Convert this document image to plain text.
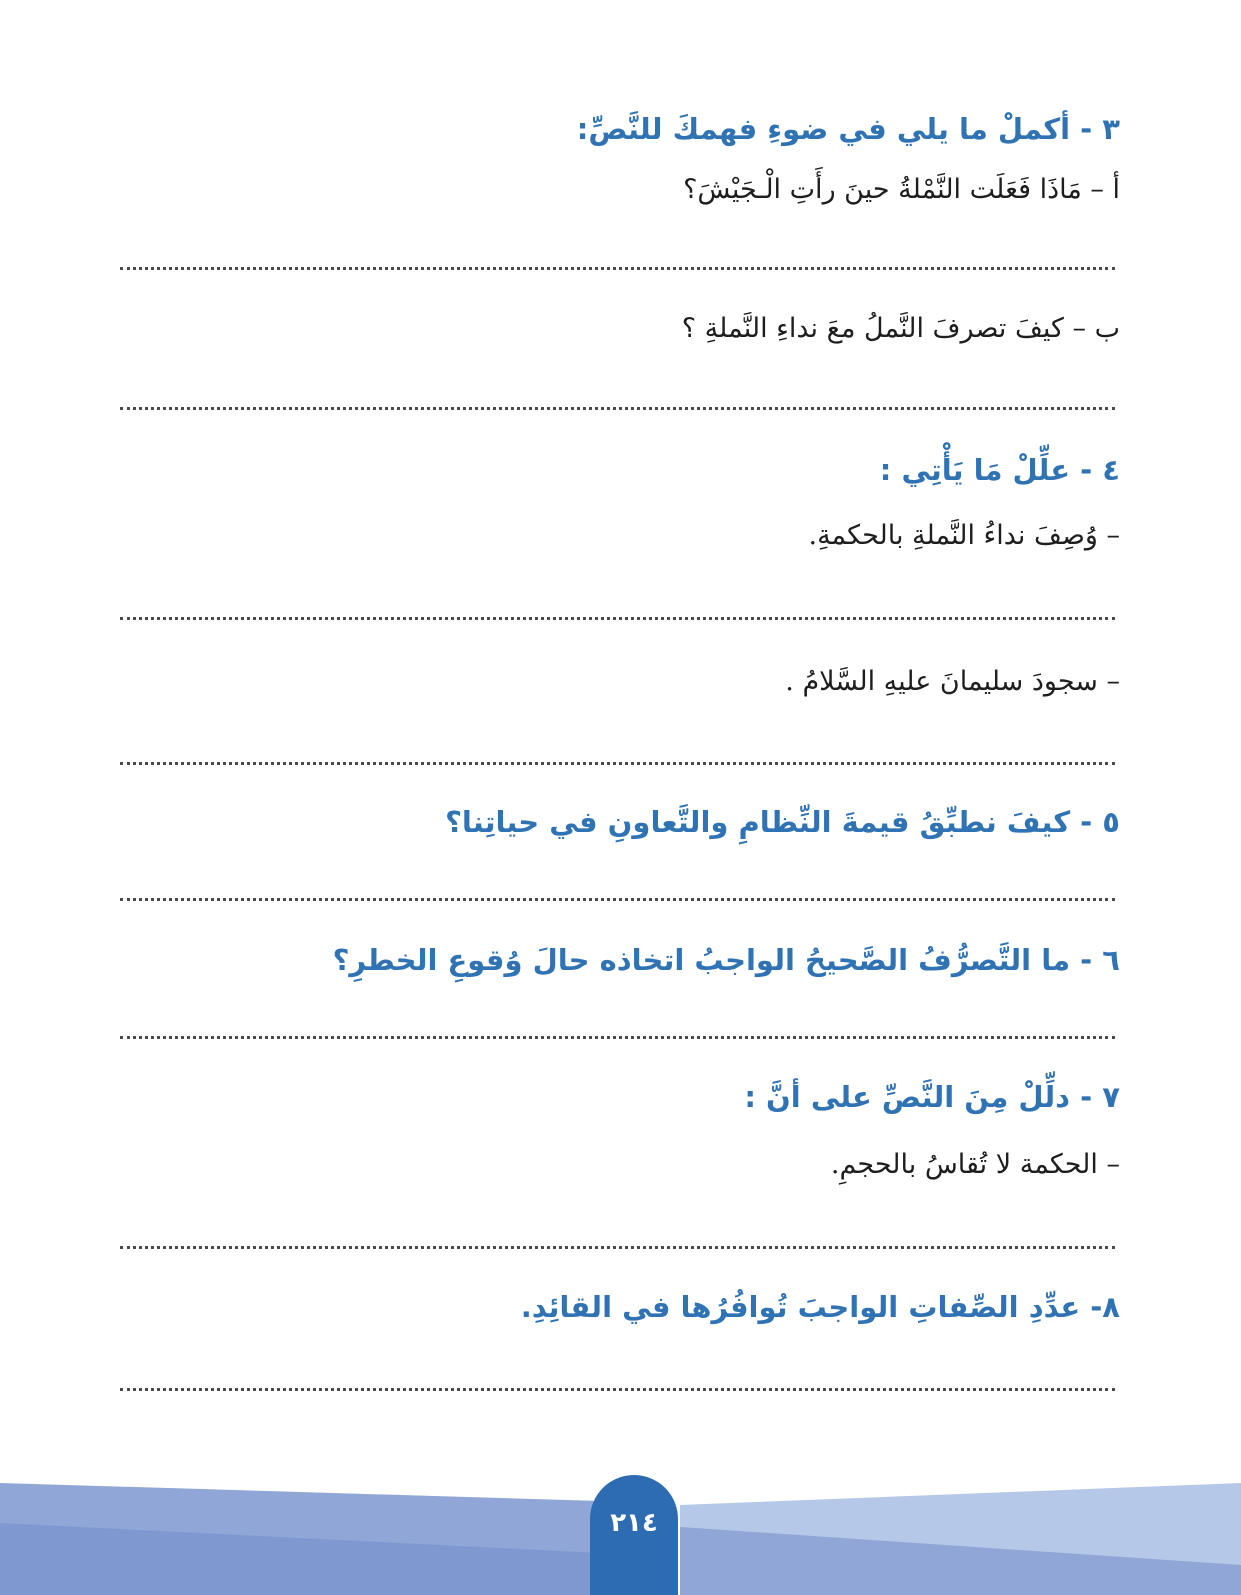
٣ - أكملْ ما يلي في ضوءِ فهمكَ للنَّصِّ:
أ – مَاذَا فَعَلَت النَّمْلةُ حينَ رأَتِ الْـجَيْشَ؟
ب – كيفَ تصرفَ النَّملُ معَ نداءِ النَّملةِ ؟
٤ - علِّلْ مَا يَأْتِي :
– وُصِفَ نداءُ النَّملةِ بالحكمةِ.
– سجودَ سليمانَ عليهِ السَّلامُ .
٥ - كيفَ نطبِّقُ قيمةَ النِّظامِ والتَّعاونِ في حياتِنا؟
٦ - ما التَّصرُّفُ الصَّحيحُ الواجبُ اتخاذه حالَ وُقوعِ الخطرِ؟
٧ - دلِّلْ مِنَ النَّصِّ على أنَّ :
– الحكمة لا تُقاسُ بالحجمِ.
٨- عدِّدِ الصِّفاتِ الواجبَ تُوافُرُها في القائِدِ.
٢١٤
